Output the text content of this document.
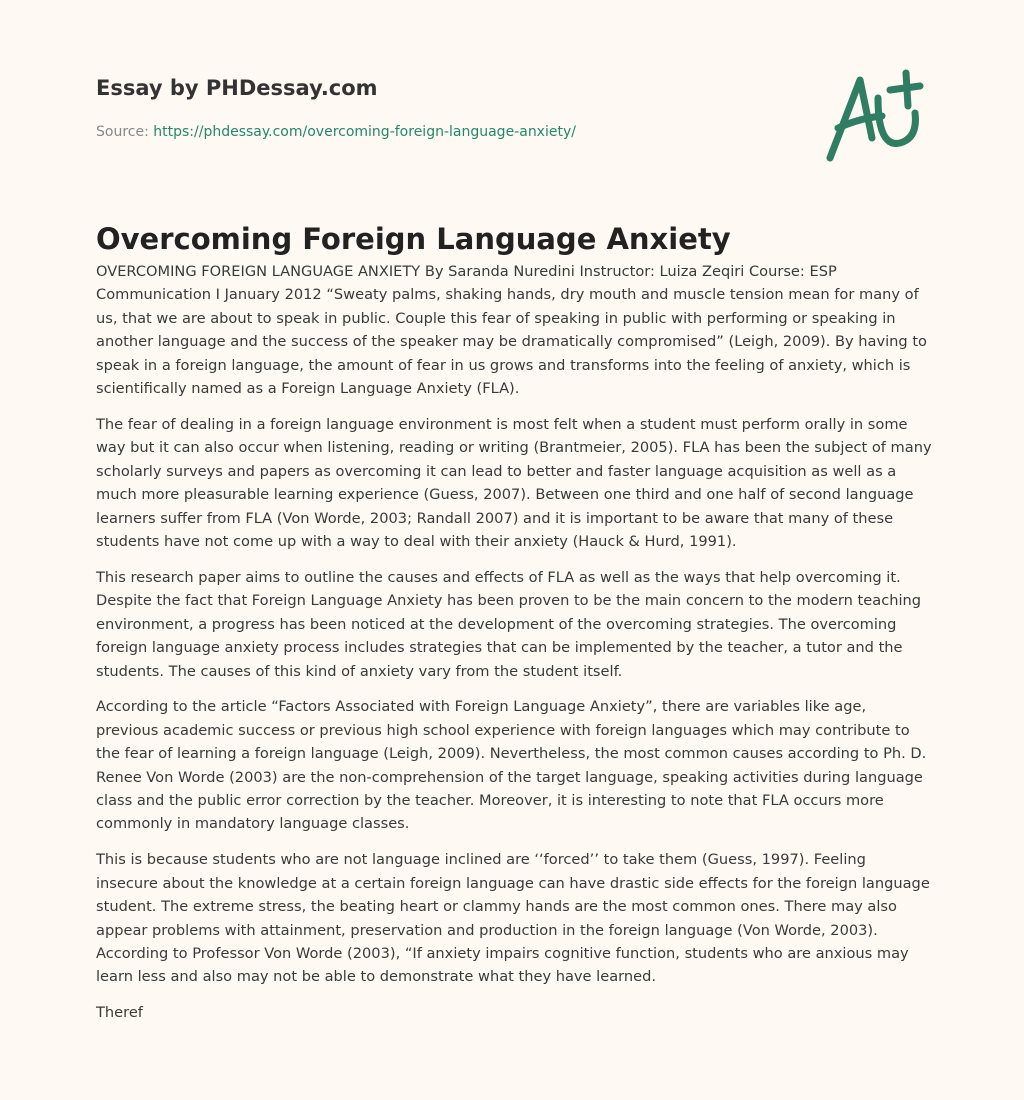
Essay by PHDessay.com
Source: https://phdessay.com/overcoming-foreign-language-anxiety/
Overcoming Foreign Language Anxiety

OVERCOMING FOREIGN LANGUAGE ANXIETY By Saranda Nuredini Instructor: Luiza Zeqiri Course: ESP Communication I January 2012 “Sweaty palms, shaking hands, dry mouth and muscle tension mean for many of us, that we are about to speak in public. Couple this fear of speaking in public with performing or speaking in another language and the success of the speaker may be dramatically compromised” (Leigh, 2009). By having to speak in a foreign language, the amount of fear in us grows and transforms into the feeling of anxiety, which is scientifically named as a Foreign Language Anxiety (FLA).

The fear of dealing in a foreign language environment is most felt when a student must perform orally in some way but it can also occur when listening, reading or writing (Brantmeier, 2005). FLA has been the subject of many scholarly surveys and papers as overcoming it can lead to better and faster language acquisition as well as a much more pleasurable learning experience (Guess, 2007). Between one third and one half of second language learners suffer from FLA (Von Worde, 2003; Randall 2007) and it is important to be aware that many of these students have not come up with a way to deal with their anxiety (Hauck & Hurd, 1991).

This research paper aims to outline the causes and effects of FLA as well as the ways that help overcoming it. Despite the fact that Foreign Language Anxiety has been proven to be the main concern to the modern teaching environment, a progress has been noticed at the development of the overcoming strategies. The overcoming foreign language anxiety process includes strategies that can be implemented by the teacher, a tutor and the students. The causes of this kind of anxiety vary from the student itself.

According to the article “Factors Associated with Foreign Language Anxiety”, there are variables like age, previous academic success or previous high school experience with foreign languages which may contribute to the fear of learning a foreign language (Leigh, 2009). Nevertheless, the most common causes according to Ph. D. Renee Von Worde (2003) are the non-comprehension of the target language, speaking activities during language class and the public error correction by the teacher. Moreover, it is interesting to note that FLA occurs more commonly in mandatory language classes.

This is because students who are not language inclined are ‘‘forced’’ to take them (Guess, 1997). Feeling insecure about the knowledge at a certain foreign language can have drastic side effects for the foreign language student. The extreme stress, the beating heart or clammy hands are the most common ones. There may also appear problems with attainment, preservation and production in the foreign language (Von Worde, 2003). According to Professor Von Worde (2003), “If anxiety impairs cognitive function, students who are anxious may learn less and also may not be able to demonstrate what they have learned.

Theref
